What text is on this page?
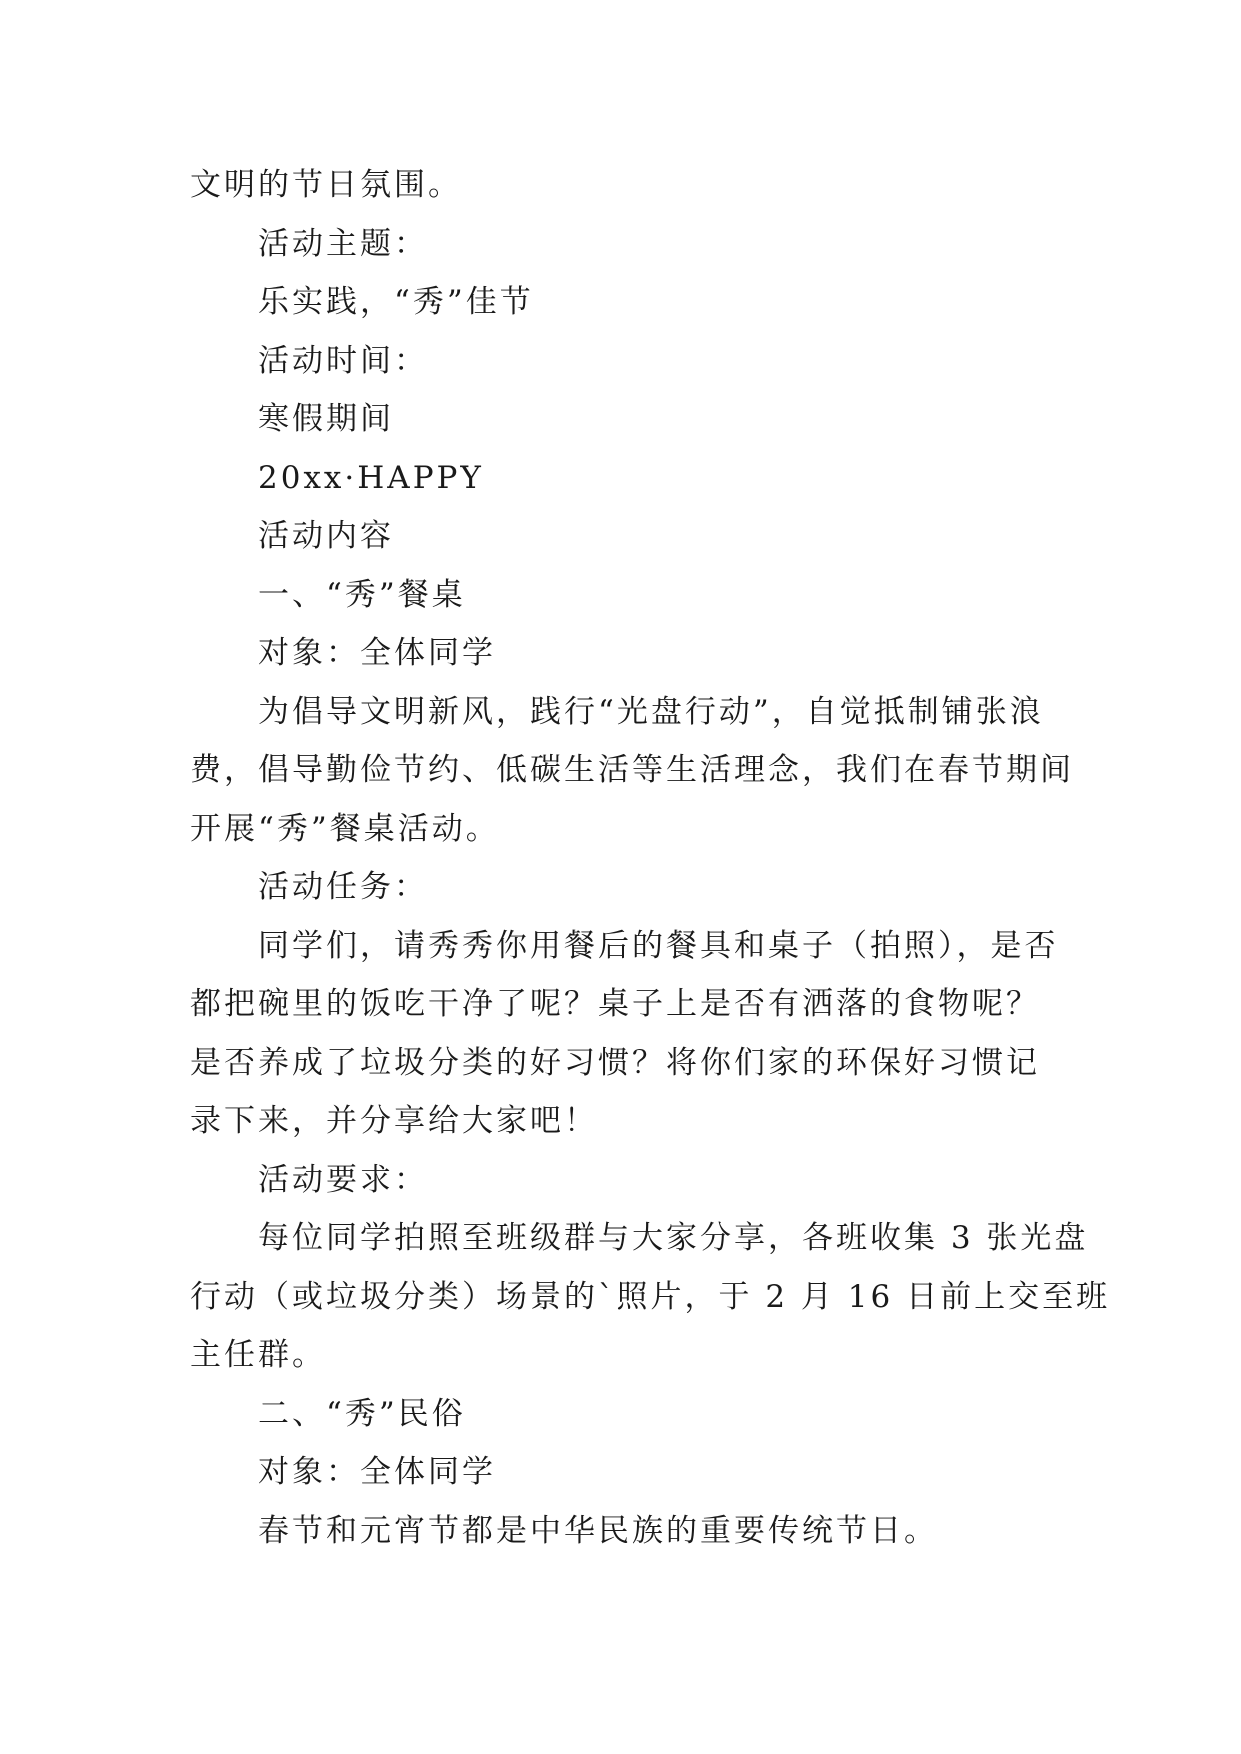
文明的节日氛围。

活动主题：

乐实践，“秀”佳节

活动时间：

寒假期间

20xx·HAPPY

活动内容

一、“秀”餐桌

对象：全体同学

为倡导文明新风，践行“光盘行动”，自觉抵制铺张浪

费，倡导勤俭节约、低碳生活等生活理念，我们在春节期间

开展“秀”餐桌活动。

活动任务：

同学们，请秀秀你用餐后的餐具和桌子（拍照），是否

都把碗里的饭吃干净了呢？桌子上是否有洒落的食物呢？

是否养成了垃圾分类的好习惯？将你们家的环保好习惯记

录下来，并分享给大家吧！

活动要求：

每位同学拍照至班级群与大家分享，各班收集 3 张光盘

行动（或垃圾分类）场景的`照片，于 2 月 16 日前上交至班

主任群。

二、“秀”民俗

对象：全体同学

春节和元宵节都是中华民族的重要传统节日。
